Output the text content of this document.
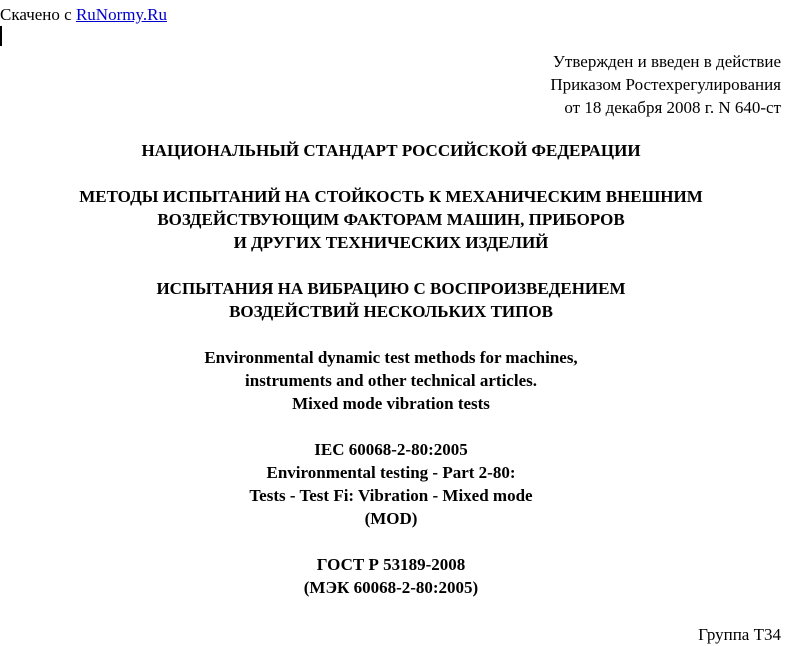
Скачено с RuNormy.Ru
Утвержден и введен в действие
Приказом Ростехрегулирования
от 18 декабря 2008 г. N 640-ст
НАЦИОНАЛЬНЫЙ СТАНДАРТ РОССИЙСКОЙ ФЕДЕРАЦИИ
МЕТОДЫ ИСПЫТАНИЙ НА СТОЙКОСТЬ К МЕХАНИЧЕСКИМ ВНЕШНИМ
ВОЗДЕЙСТВУЮЩИМ ФАКТОРАМ МАШИН, ПРИБОРОВ
И ДРУГИХ ТЕХНИЧЕСКИХ ИЗДЕЛИЙ
ИСПЫТАНИЯ НА ВИБРАЦИЮ С ВОСПРОИЗВЕДЕНИЕМ
ВОЗДЕЙСТВИЙ НЕСКОЛЬКИХ ТИПОВ
Environmental dynamic test methods for machines,
instruments and other technical articles.
Mixed mode vibration tests
IEC 60068-2-80:2005
Environmental testing - Part 2-80:
Tests - Test Fi: Vibration - Mixed mode
(MOD)
ГОСТ Р 53189-2008
(МЭК 60068-2-80:2005)
Группа Т34
